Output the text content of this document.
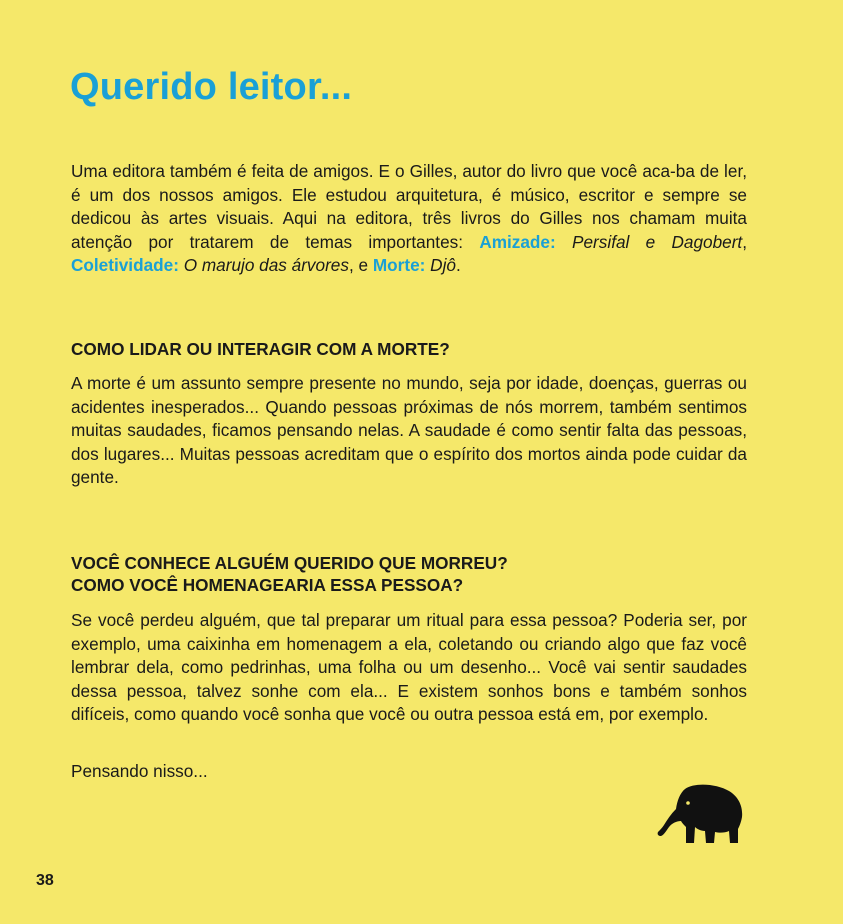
Querido leitor...

Uma editora também é feita de amigos. E o Gilles, autor do livro que você aca-ba de ler, é um dos nossos amigos. Ele estudou arquitetura, é músico, escritor e sempre se dedicou às artes visuais. Aqui na editora, três livros do Gilles nos chamam muita atenção por tratarem de temas importantes: Amizade: Persifal e Dagobert, Coletividade: O marujo das árvores, e Morte: Djô.

COMO LIDAR OU INTERAGIR COM A MORTE?

A morte é um assunto sempre presente no mundo, seja por idade, doenças, guerras ou acidentes inesperados... Quando pessoas próximas de nós morrem, também sentimos muitas saudades, ficamos pensando nelas. A saudade é como sentir falta das pessoas, dos lugares... Muitas pessoas acreditam que o espírito dos mortos ainda pode cuidar da gente.

VOCÊ CONHECE ALGUÉM QUERIDO QUE MORREU?
COMO VOCÊ HOMENAGEARIA ESSA PESSOA?

Se você perdeu alguém, que tal preparar um ritual para essa pessoa? Poderia ser, por exemplo, uma caixinha em homenagem a ela, coletando ou criando algo que faz você lembrar dela, como pedrinhas, uma folha ou um desenho... Você vai sentir saudades dessa pessoa, talvez sonhe com ela... E existem sonhos bons e também sonhos difíceis, como quando você sonha que você ou outra pessoa está em, por exemplo.

Pensando nisso...

38
